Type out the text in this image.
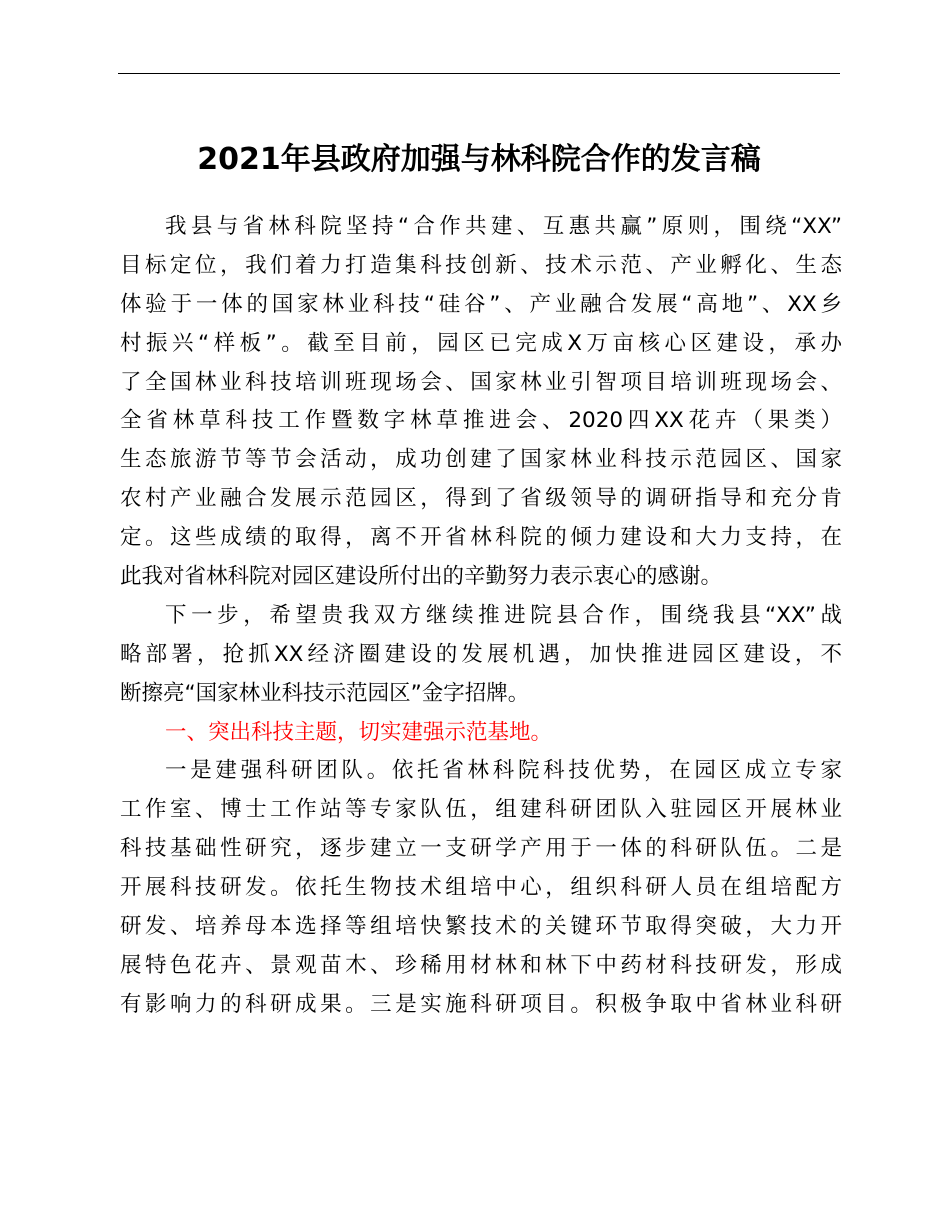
2021年县政府加强与林科院合作的发言稿
我县与省林科院坚持“合作共建、互惠共赢”原则，围绕“XX”
目标定位，我们着力打造集科技创新、技术示范、产业孵化、生态
体验于一体的国家林业科技“硅谷”、产业融合发展“高地”、XX乡
村振兴“样板”。截至目前，园区已完成X万亩核心区建设，承办
了全国林业科技培训班现场会、国家林业引智项目培训班现场会、
全省林草科技工作暨数字林草推进会、2020四XX花卉（果类）
生态旅游节等节会活动，成功创建了国家林业科技示范园区、国家
农村产业融合发展示范园区，得到了省级领导的调研指导和充分肯
定。这些成绩的取得，离不开省林科院的倾力建设和大力支持，在
此我对省林科院对园区建设所付出的辛勤努力表示衷心的感谢。
下一步，希望贵我双方继续推进院县合作，围绕我县“XX”战
略部署，抢抓XX经济圈建设的发展机遇，加快推进园区建设，不
断擦亮“国家林业科技示范园区”金字招牌。
一、突出科技主题，切实建强示范基地。
一是建强科研团队。依托省林科院科技优势，在园区成立专家
工作室、博士工作站等专家队伍，组建科研团队入驻园区开展林业
科技基础性研究，逐步建立一支研学产用于一体的科研队伍。二是
开展科技研发。依托生物技术组培中心，组织科研人员在组培配方
研发、培养母本选择等组培快繁技术的关键环节取得突破，大力开
展特色花卉、景观苗木、珍稀用材林和林下中药材科技研发，形成
有影响力的科研成果。三是实施科研项目。积极争取中省林业科研
